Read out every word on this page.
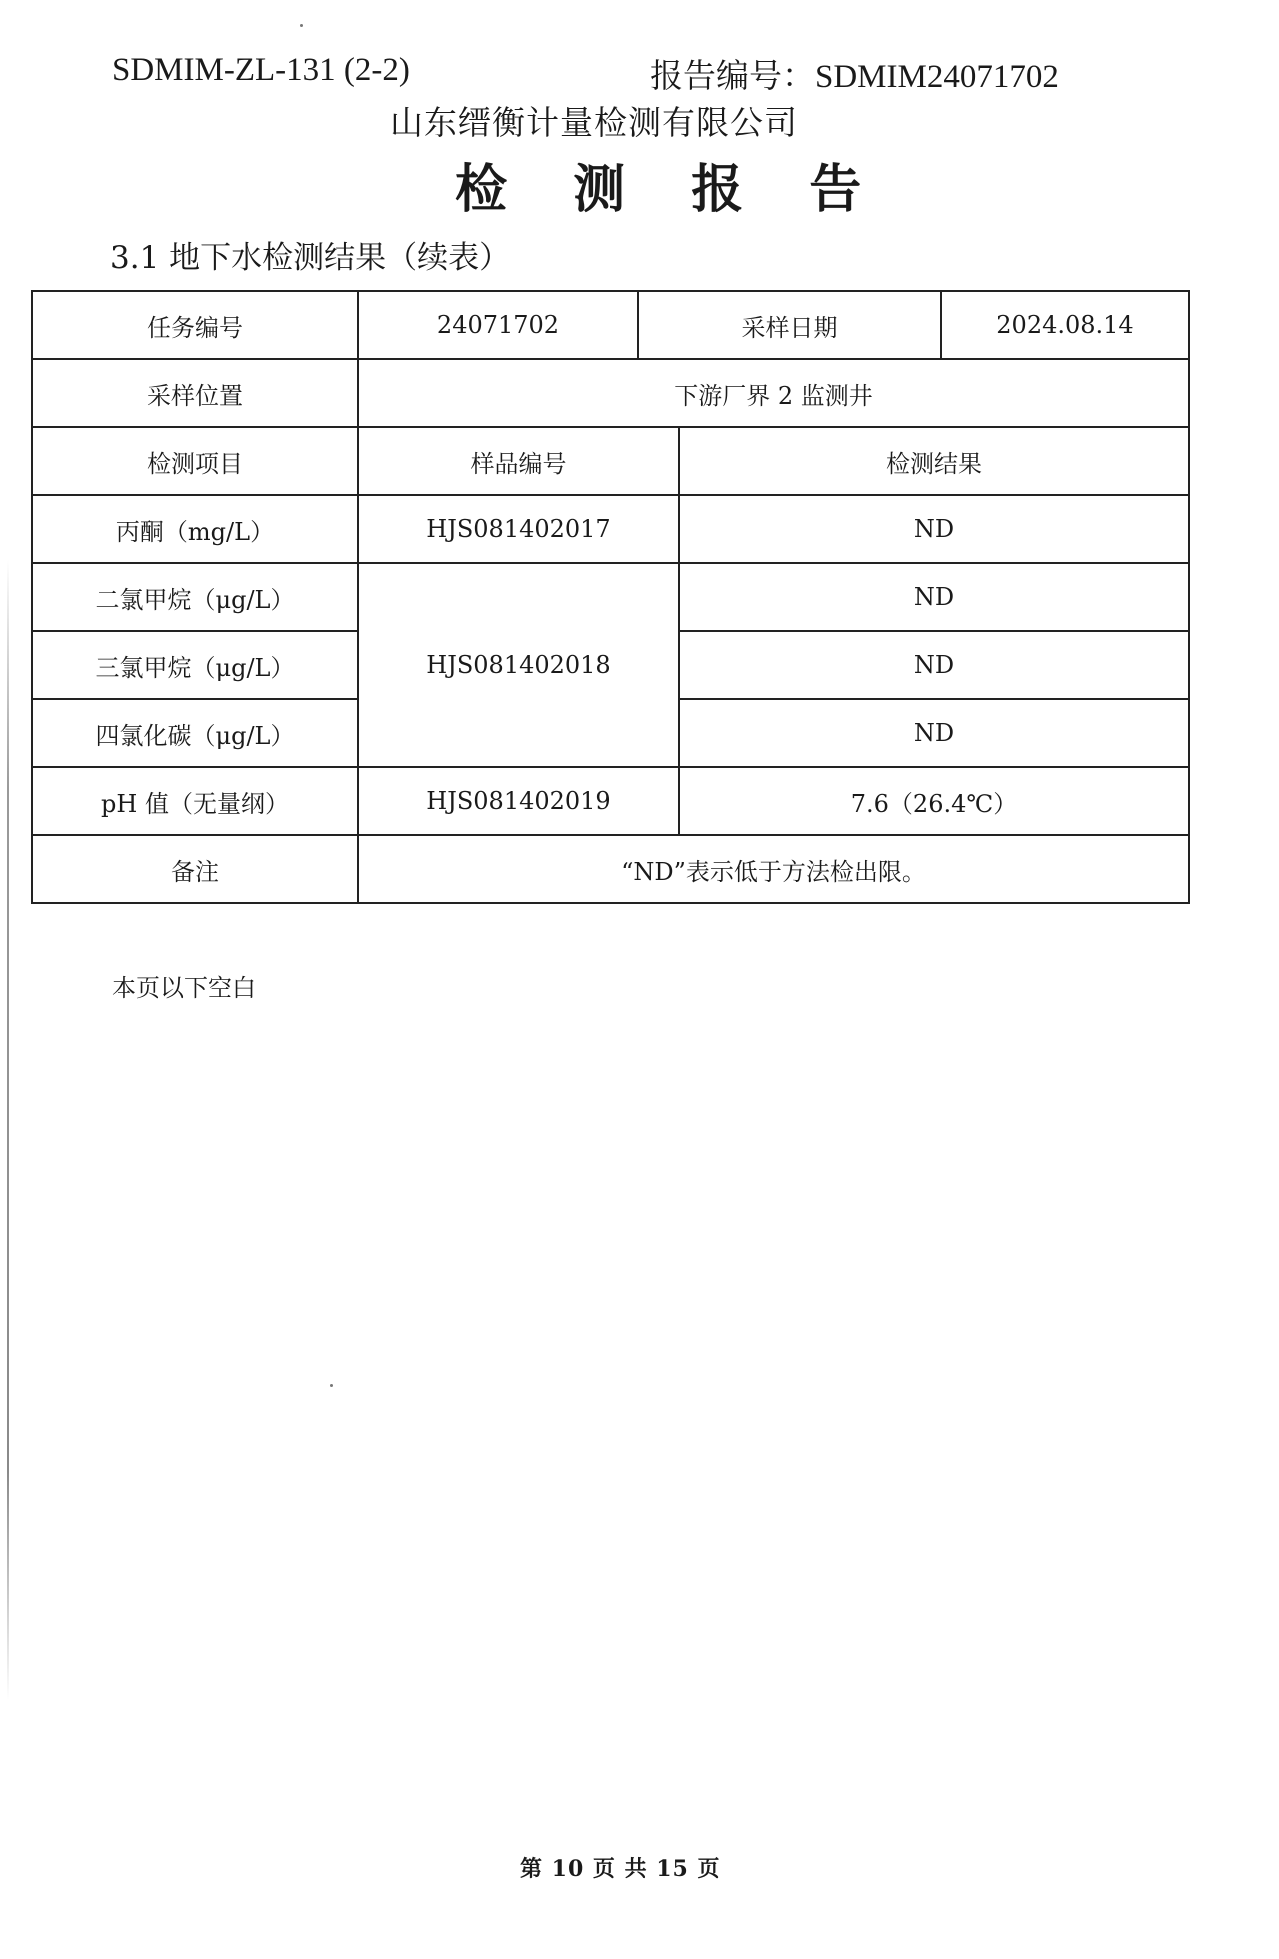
SDMIM-ZL-131 (2-2)	报告编号：SDMIM24071702
山东缙衡计量检测有限公司
检 测 报 告
3.1 地下水检测结果（续表）
任务编号	24071702	采样日期		2024.08.14
采样位置	下游厂界 2 监测井			
检测项目	样品编号		检测结果	
丙酮（mg/L）	HJS081402017		ND	
二氯甲烷（μg/L）	HJS081402018		ND	
三氯甲烷（μg/L）			ND	
四氯化碳（μg/L）			ND	
pH 值（无量纲）	HJS081402019		7.6（26.4℃）	
备注	“ND”表示低于方法检出限。			
本页以下空白
第 10 页 共 15 页
